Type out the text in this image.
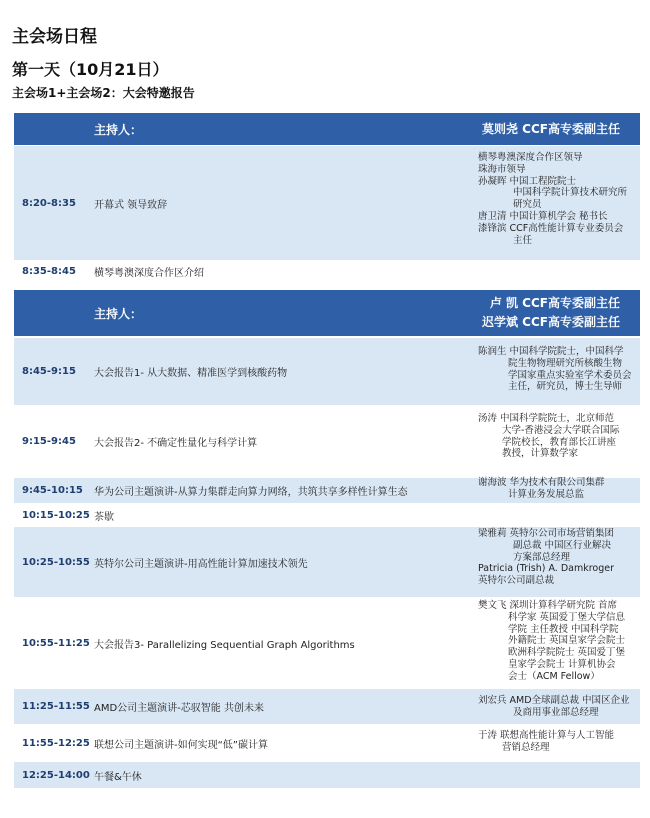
主会场日程
第一天（10月21日）
主会场1+主会场2：大会特邀报告
主持人：	莫则尧 CCF高专委副主任
8:20-8:35 开幕式 领导致辞
横琴粤澳深度合作区领导
珠海市领导
孙凝晖 中国工程院院士
中国科学院计算技术研究所
研究员
唐卫清 中国计算机学会 秘书长
漆锋滨 CCF高性能计算专业委员会
主任
8:35-8:45 横琴粤澳深度合作区介绍
主持人：
卢 凯 CCF高专委副主任
迟学斌 CCF高专委副主任
8:45-9:15 大会报告1- 从大数据、精准医学到核酸药物
陈润生 中国科学院院士，中国科学
院生物物理研究所核酸生物
学国家重点实验室学术委员会
主任，研究员，博士生导师
9:15-9:45 大会报告2- 不确定性量化与科学计算
汤涛 中国科学院院士，北京师范
大学-香港浸会大学联合国际
学院校长，教育部长江讲座
教授，计算数学家
9:45-10:15 华为公司主题演讲-从算力集群走向算力网络，共筑共享多样性计算生态
谢海波 华为技术有限公司集群
计算业务发展总监
10:15-10:25 茶歇
10:25-10:55 英特尔公司主题演讲-用高性能计算加速技术领先
梁雅莉 英特尔公司市场营销集团
副总裁 中国区行业解决
方案部总经理
Patricia (Trish) A. Damkroger
英特尔公司副总裁
10:55-11:25 大会报告3- Parallelizing Sequential Graph Algorithms
樊文飞 深圳计算科学研究院 首席
科学家 英国爱丁堡大学信息
学院 主任教授 中国科学院
外籍院士 英国皇家学会院士
欧洲科学院院士 英国爱丁堡
皇家学会院士 计算机协会
会士（ACM Fellow）
11:25-11:55 AMD公司主题演讲-芯驭智能 共创未来
刘宏兵 AMD全球副总裁 中国区企业
及商用事业部总经理
11:55-12:25 联想公司主题演讲-如何实现“低”碳计算
于涛 联想高性能计算与人工智能
营销总经理
12:25-14:00 午餐&午休
